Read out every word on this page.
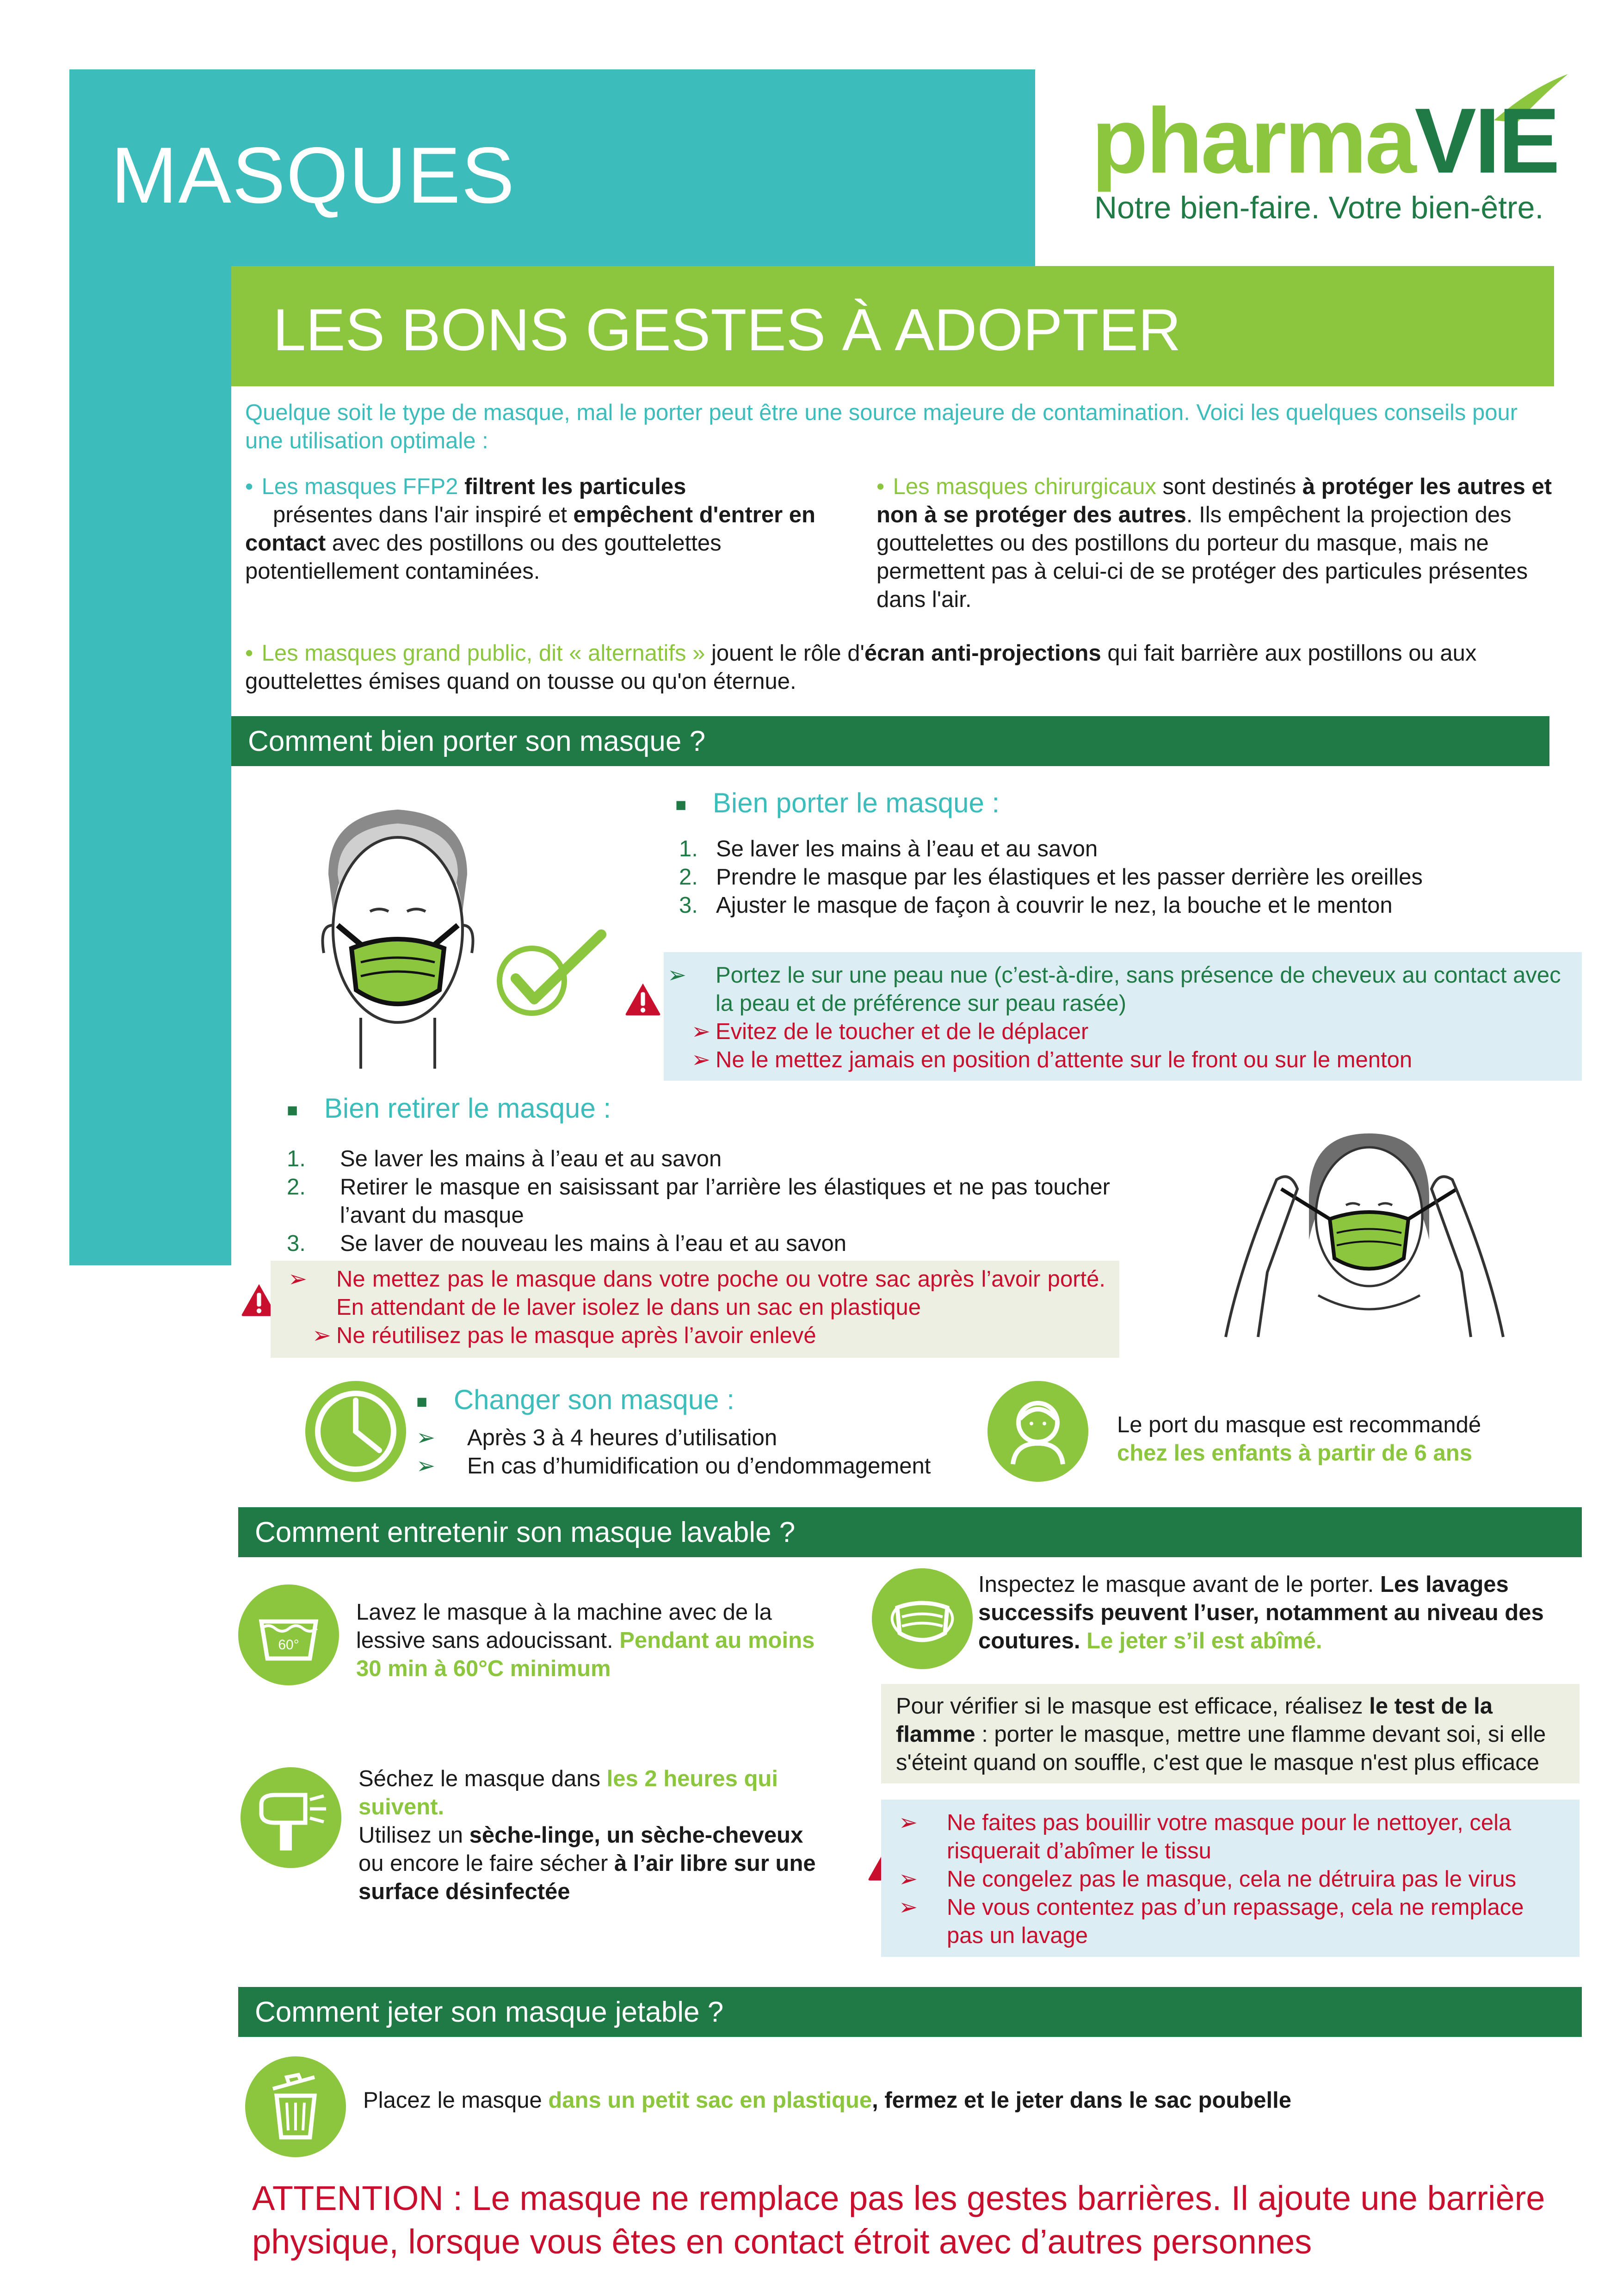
MASQUES	pharmaVIE
Notre bien-faire. Votre bien-être.
LES BONS GESTES À ADOPTER
Quelque soit le type de masque, mal le porter peut être une source majeure de contamination. Voici les quelques conseils pour une utilisation optimale :
• Les masques FFP2 filtrent les particules
présentes dans l'air inspiré et empêchent d'entrer en contact avec des postillons ou des gouttelettes potentiellement contaminées.
• Les masques chirurgicaux sont destinés à protéger les autres et non à se protéger des autres. Ils empêchent la projection des gouttelettes ou des postillons du porteur du masque, mais ne permettent pas à celui-ci de se protéger des particules présentes dans l'air.
• Les masques grand public, dit « alternatifs » jouent le rôle d'écran anti-projections qui fait barrière aux postillons ou aux gouttelettes émises quand on tousse ou qu'on éternue.
Comment bien porter son masque ?
■ Bien porter le masque :
1. Se laver les mains à l’eau et au savon
2. Prendre le masque par les élastiques et les passer derrière les oreilles
3. Ajuster le masque de façon à couvrir le nez, la bouche et le menton
➢ Portez le sur une peau nue (c’est-à-dire, sans présence de cheveux au contact avec la peau et de préférence sur peau rasée)
➢ Evitez de le toucher et de le déplacer
➢ Ne le mettez jamais en position d’attente sur le front ou sur le menton
■ Bien retirer le masque :
1.	Se laver les mains à l’eau et au savon
2.	Retirer le masque en saisissant par l’arrière les élastiques et ne pas toucher l’avant du masque
3.	Se laver de nouveau les mains à l’eau et au savon
➢ Ne mettez pas le masque dans votre poche ou votre sac après l’avoir porté. En attendant de le laver isolez le dans un sac en plastique
➢ Ne réutilisez pas le masque après l’avoir enlevé
■ Changer son masque :
➢ Après 3 à 4 heures d’utilisation
➢ En cas d’humidification ou d’endommagement
Le port du masque est recommandé
chez les enfants à partir de 6 ans
Comment entretenir son masque lavable ?
60°
Lavez le masque à la machine avec de la lessive sans adoucissant. Pendant au moins 30 min à 60°C minimum
Inspectez le masque avant de le porter. Les lavages successifs peuvent l’user, notamment au niveau des coutures. Le jeter s’il est abîmé.
Pour vérifier si le masque est efficace, réalisez le test de la flamme : porter le masque, mettre une flamme devant soi, si elle s'éteint quand on souffle, c'est que le masque n'est plus efficace
Séchez le masque dans les 2 heures qui suivent.
Utilisez un sèche-linge, un sèche-cheveux ou encore le faire sécher à l’air libre sur une surface désinfectée
➢ Ne faites pas bouillir votre masque pour le nettoyer, cela risquerait d’abîmer le tissu
➢ Ne congelez pas le masque, cela ne détruira pas le virus
➢ Ne vous contentez pas d’un repassage, cela ne remplace pas un lavage
Comment jeter son masque jetable ?
Placez le masque dans un petit sac en plastique, fermez et le jeter dans le sac poubelle
ATTENTION : Le masque ne remplace pas les gestes barrières. Il ajoute une barrière physique, lorsque vous êtes en contact étroit avec d’autres personnes
